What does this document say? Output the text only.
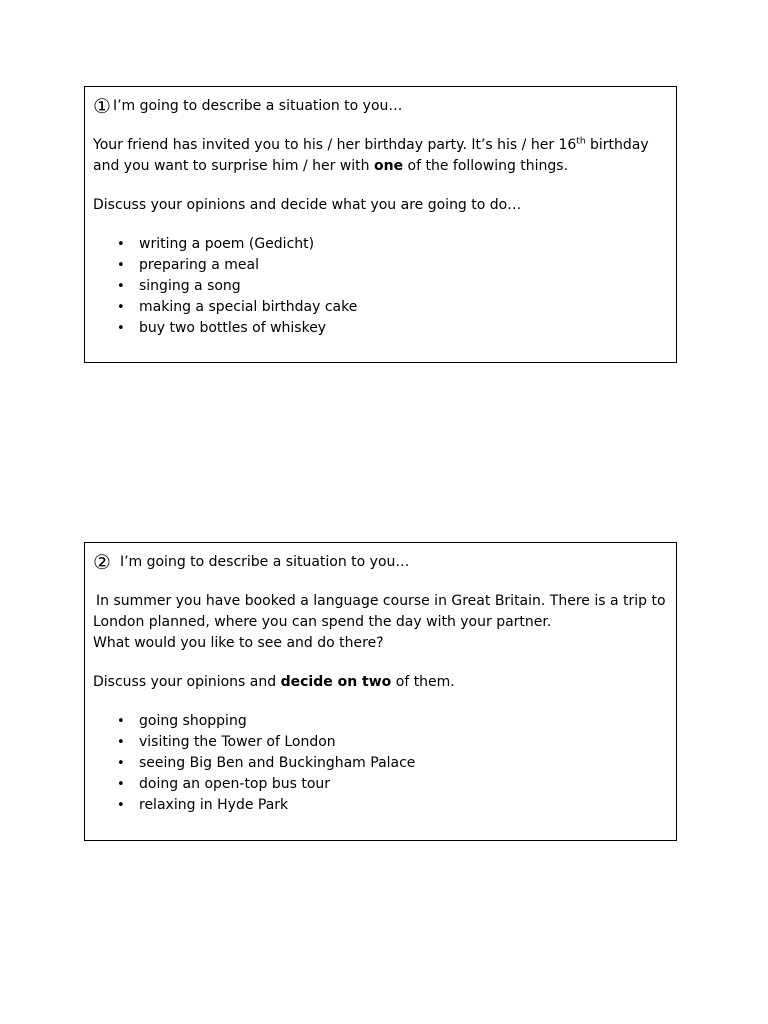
① I’m going to describe a situation to you…

Your friend has invited you to his / her birthday party. It’s his / her 16th birthday and you want to surprise him / her with one of the following things.

Discuss your opinions and decide what you are going to do…

• writing a poem (Gedicht)
• preparing a meal
• singing a song
• making a special birthday cake
• buy two bottles of whiskey
② I’m going to describe a situation to you…

In summer you have booked a language course in Great Britain. There is a trip to London planned, where you can spend the day with your partner.

What would you like to see and do there?

Discuss your opinions and decide on two of them.

• going shopping
• visiting the Tower of London
• seeing Big Ben and Buckingham Palace
• doing an open-top bus tour
• relaxing in Hyde Park
